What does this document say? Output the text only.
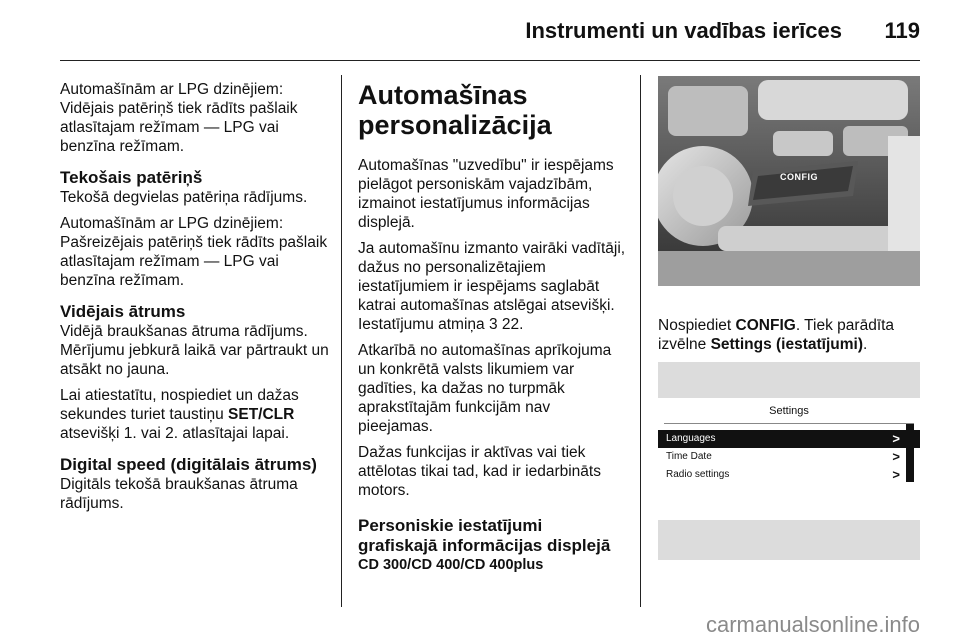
Instrumenti un vadības ierīces 119

Automašīnām ar LPG dzinējiem: Vidējais patēriņš tiek rādīts pašlaik atlasītajam režīmam — LPG vai benzīna režīmam.

Tekošais patēriņš

Tekošā degvielas patēriņa rādījums.

Automašīnām ar LPG dzinējiem: Pašreizējais patēriņš tiek rādīts pašlaik atlasītajam režīmam — LPG vai benzīna režīmam.

Vidējais ātrums

Vidējā braukšanas ātruma rādījums. Mērījumu jebkurā laikā var pārtraukt un atsākt no jauna.

Lai atiestatītu, nospiediet un dažas sekundes turiet taustiņu SET/CLR atsevišķi 1. vai 2. atlasītajai lapai.

Digital speed (digitālais ātrums)

Digitāls tekošā braukšanas ātruma rādījums.

Automašīnas personalizācija

Automašīnas "uzvedību" ir iespējams pielāgot personiskām vajadzībām, izmainot iestatījumus informācijas displejā.

Ja automašīnu izmanto vairāki vadītāji, dažus no personalizētajiem iestatījumiem ir iespējams saglabāt katrai automašīnas atslēgai atsevišķi. Iestatījumu atmiņa 3 22.

Atkarībā no automašīnas aprīkojuma un konkrētā valsts likumiem var gadīties, ka dažas no turpmāk aprakstītajām funkcijām nav pieejamas.

Dažas funkcijas ir aktīvas vai tiek attēlotas tikai tad, kad ir iedarbināts motors.

Personiskie iestatījumi grafiskajā informācijas displejā
CD 300/CD 400/CD 400plus
CONFIG

Nospiediet CONFIG. Tiek parādīta izvēlne Settings (iestatījumi).

Settings
Languages	>
Time Date	>
Radio settings	>
carmanualsonline.info
